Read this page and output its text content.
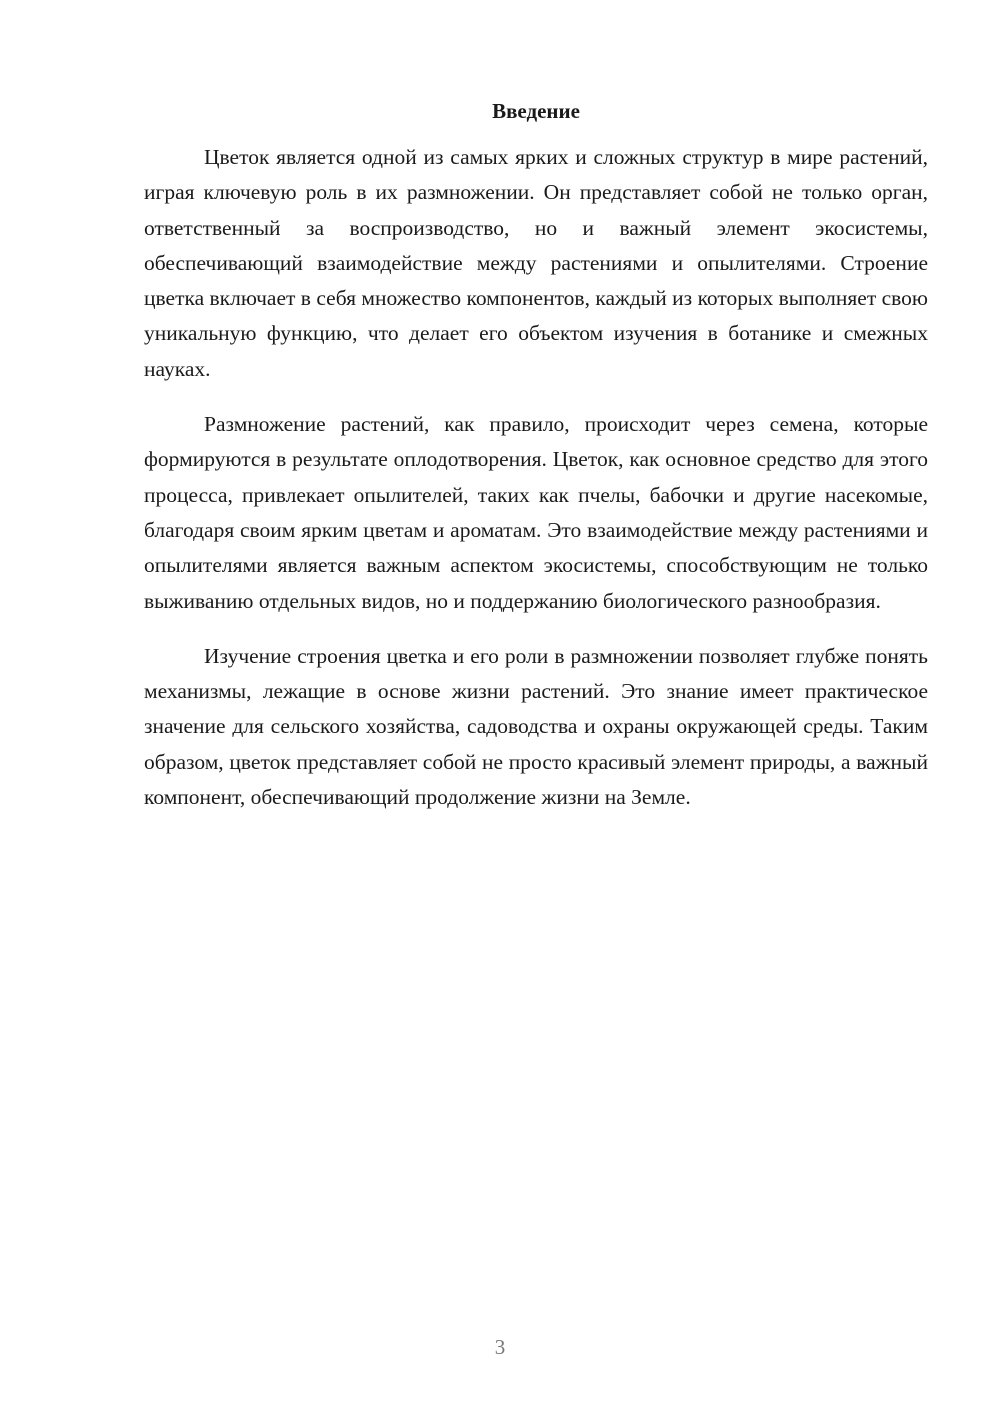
Введение

Цветок является одной из самых ярких и сложных структур в мире растений, играя ключевую роль в их размножении. Он представляет собой не только орган, ответственный за воспроизводство, но и важный элемент экосистемы, обеспечивающий взаимодействие между растениями и опылителями. Строение цветка включает в себя множество компонентов, каждый из которых выполняет свою уникальную функцию, что делает его объектом изучения в ботанике и смежных науках.

Размножение растений, как правило, происходит через семена, которые формируются в результате оплодотворения. Цветок, как основное средство для этого процесса, привлекает опылителей, таких как пчелы, бабочки и другие насекомые, благодаря своим ярким цветам и ароматам. Это взаимодействие между растениями и опылителями является важным аспектом экосистемы, способствующим не только выживанию отдельных видов, но и поддержанию биологического разнообразия.

Изучение строения цветка и его роли в размножении позволяет глубже понять механизмы, лежащие в основе жизни растений. Это знание имеет практическое значение для сельского хозяйства, садоводства и охраны окружающей среды. Таким образом, цветок представляет собой не просто красивый элемент природы, а важный компонент, обеспечивающий продолжение жизни на Земле.

3
